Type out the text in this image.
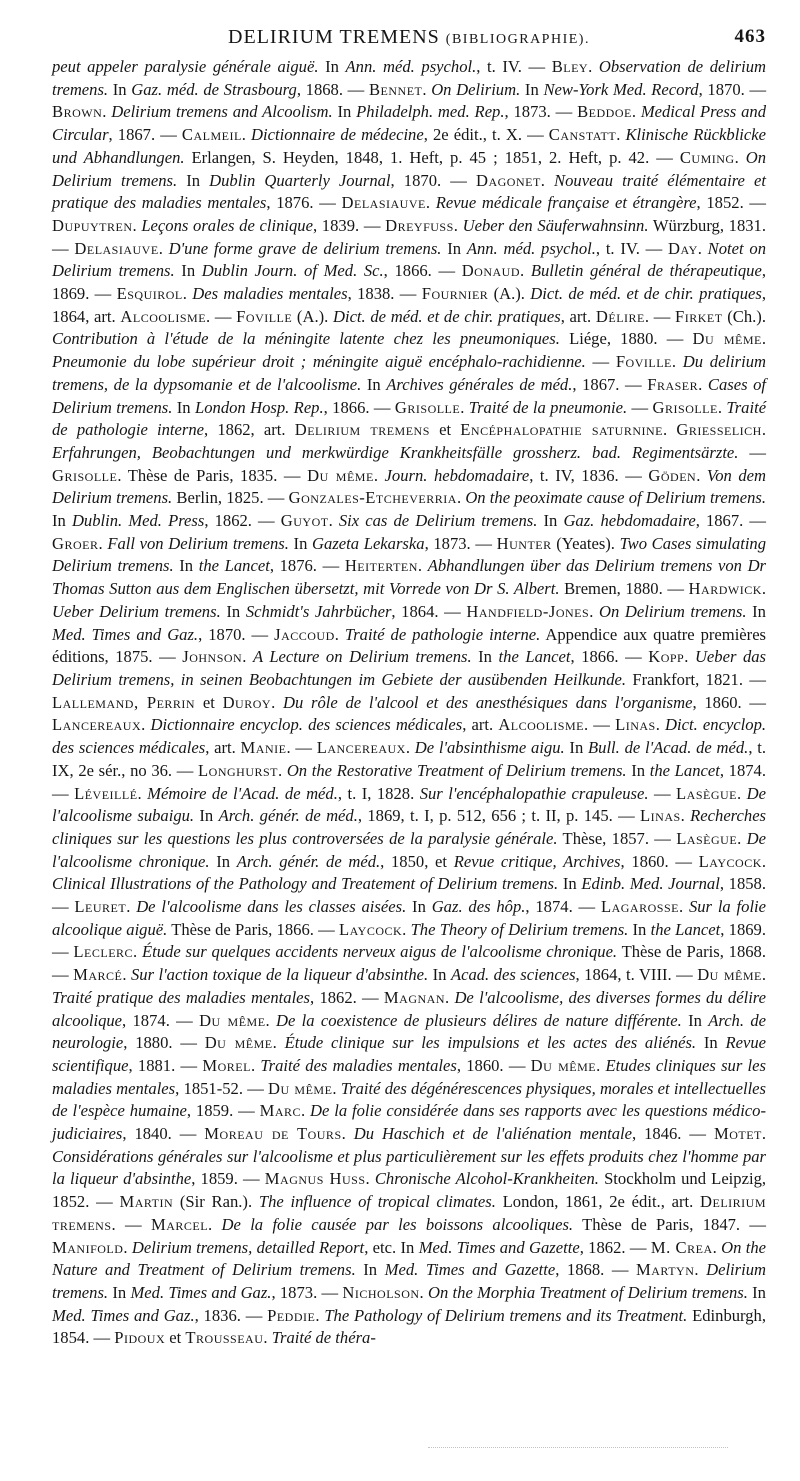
DELIRIUM TREMENS (BIBLIOGRAPHIE).	463
peut appeler paralysie générale aiguë. In Ann. méd. psychol., t. IV. — Bley. Observation de delirium tremens. In Gaz. méd. de Strasbourg, 1868. — Bennet. On Delirium. In New-York Med. Record, 1870. — Brown. Delirium tremens and Alcoolism. In Philadelph. med. Rep., 1873. — Beddoe. Medical Press and Circular, 1867. — Calmeil. Dictionnaire de médecine, 2e édit., t. X. — Canstatt. Klinische Rückblicke und Abhandlungen. Erlangen, S. Heyden, 1848, 1. Heft, p. 45 ; 1851, 2. Heft, p. 42. — Cuming. On Delirium tremens. In Dublin Quarterly Journal, 1870. — Dagonet. Nouveau traité élémentaire et pratique des maladies mentales, 1876. — Delasiauve. Revue médicale française et étrangère, 1852. — Dupuytren. Leçons orales de clinique, 1839. — Dreyfuss. Ueber den Säuferwahnsinn. Würzburg, 1831. — Delasiauve. D'une forme grave de delirium tremens. In Ann. méd. psychol., t. IV. — Day. Notet on Delirium tremens. In Dublin Journ. of Med. Sc., 1866. — Donaud. Bulletin général de thérapeutique, 1869. — Esquirol. Des maladies mentales, 1838. — Fournier (A.). Dict. de méd. et de chir. pratiques, 1864, art. Alcoolisme. — Foville (A.). Dict. de méd. et de chir. pratiques, art. Délire. — Firket (Ch.). Contribution à l'étude de la méningite latente chez les pneumoniques. Liége, 1880. — Du même. Pneumonie du lobe supérieur droit ; méningite aiguë encéphalo-rachidienne. — Foville. Du delirium tremens, de la dypsomanie et de l'alcoolisme. In Archives générales de méd., 1867. — Fraser. Cases of Delirium tremens. In London Hosp. Rep., 1866. — Grisolle. Traité de la pneumonie. — Grisolle. Traité de pathologie interne, 1862, art. Delirium tremens et Encéphalopathie saturnine. Griesselich. Erfahrungen, Beobachtungen und merkwürdige Krankheitsfälle grossherz. bad. Regimentsärzte. — Grisolle. Thèse de Paris, 1835. — Du même. Journ. hebdomadaire, t. IV, 1836. — Göden. Von dem Delirium tremens. Berlin, 1825. — Gonzales-Etcheverria. On the peoximate cause of Delirium tremens. In Dublin. Med. Press, 1862. — Guyot. Six cas de Delirium tremens. In Gaz. hebdomadaire, 1867. — Groer. Fall von Delirium tremens. In Gazeta Lekarska, 1873. — Hunter (Yeates). Two Cases simulating Delirium tremens. In the Lancet, 1876. — Heiterten. Abhandlungen über das Delirium tremens von Dr Thomas Sutton aus dem Englischen übersetzt, mit Vorrede von Dr S. Albert. Bremen, 1880. — Hardwick. Ueber Delirium tremens. In Schmidt's Jahrbücher, 1864. — Handfield-Jones. On Delirium tremens. In Med. Times and Gaz., 1870. — Jaccoud. Traité de pathologie interne. Appendice aux quatre premières éditions, 1875. — Johnson. A Lecture on Delirium tremens. In the Lancet, 1866. — Kopp. Ueber das Delirium tremens, in seinen Beobachtungen im Gebiete der ausübenden Heilkunde. Frankfort, 1821. — Lallemand, Perrin et Duroy. Du rôle de l'alcool et des anesthésiques dans l'organisme, 1860. — Lancereaux. Dictionnaire encyclop. des sciences médicales, art. Alcoolisme. — Linas. Dict. encyclop. des sciences médicales, art. Manie. — Lancereaux. De l'absinthisme aigu. In Bull. de l'Acad. de méd., t. IX, 2e sér., no 36. — Longhurst. On the Restorative Treatment of Delirium tremens. In the Lancet, 1874. — Léveillé. Mémoire de l'Acad. de méd., t. I, 1828. Sur l'encéphalopathie crapuleuse. — Lasègue. De l'alcoolisme subaigu. In Arch. génér. de méd., 1869, t. I, p. 512, 656 ; t. II, p. 145. — Linas. Recherches cliniques sur les questions les plus controversées de la paralysie générale. Thèse, 1857. — Lasègue. De l'alcoolisme chronique. In Arch. génér. de méd., 1850, et Revue critique, Archives, 1860. — Laycock. Clinical Illustrations of the Pathology and Treatement of Delirium tremens. In Edinb. Med. Journal, 1858. — Leuret. De l'alcoolisme dans les classes aisées. In Gaz. des hôp., 1874. — Lagarosse. Sur la folie alcoolique aiguë. Thèse de Paris, 1866. — Laycock. The Theory of Delirium tremens. In the Lancet, 1869. — Leclerc. Étude sur quelques accidents nerveux aigus de l'alcoolisme chronique. Thèse de Paris, 1868. — Marcé. Sur l'action toxique de la liqueur d'absinthe. In Acad. des sciences, 1864, t. VIII. — Du même. Traité pratique des maladies mentales, 1862. — Magnan. De l'alcoolisme, des diverses formes du délire alcoolique, 1874. — Du même. De la coexistence de plusieurs délires de nature différente. In Arch. de neurologie, 1880. — Du même. Étude clinique sur les impulsions et les actes des aliénés. In Revue scientifique, 1881. — Morel. Traité des maladies mentales, 1860. — Du même. Etudes cliniques sur les maladies mentales, 1851-52. — Du même. Traité des dégénérescences physiques, morales et intellectuelles de l'espèce humaine, 1859. — Marc. De la folie considérée dans ses rapports avec les questions médico-judiciaires, 1840. — Moreau de Tours. Du Haschich et de l'aliénation mentale, 1846. — Motet. Considérations générales sur l'alcoolisme et plus particulièrement sur les effets produits chez l'homme par la liqueur d'absinthe, 1859. — Magnus Huss. Chronische Alcohol-Krankheiten. Stockholm und Leipzig, 1852. — Martin (Sir Ran.). The influence of tropical climates. London, 1861, 2e édit., art. Delirium tremens. — Marcel. De la folie causée par les boissons alcooliques. Thèse de Paris, 1847. — Manifold. Delirium tremens, detailled Report, etc. In Med. Times and Gazette, 1862. — M. Crea. On the Nature and Treatment of Delirium tremens. In Med. Times and Gazette, 1868. — Martyn. Delirium tremens. In Med. Times and Gaz., 1873. — Nicholson. On the Morphia Treatment of Delirium tremens. In Med. Times and Gaz., 1836. — Peddie. The Pathology of Delirium tremens and its Treatment. Edinburgh, 1854. — Pidoux et Trousseau. Traité de théra-
